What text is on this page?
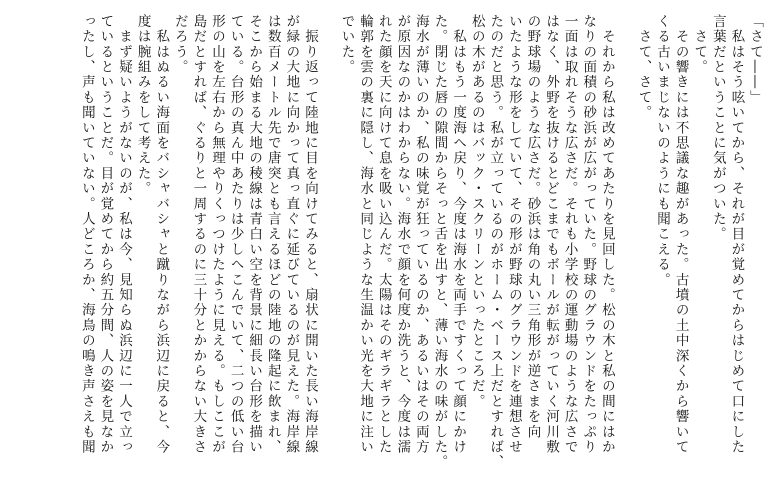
「さて――」
　私はそう呟いてから、それが目が覚めてからはじめて口にした
言葉だということに気がついた。
　さて。
　その響きには不思議な趣があった。古墳の土中深くから響いて
くる古いまじないのようにも聞こえる。
　さて、さて。
　それから私は改めてあたりを見回した。松の木と私の間にはか
なりの面積の砂浜が広がっていた。野球のグラウンドをたっぷり
一面は取れそうな広さだ。それも小学校の運動場のような広さで
はなく、外野を抜けるとどこまでもボールが転がっていく河川敷
の野球場のような広さだ。砂浜は角の丸い三角形が逆さまを向
いたような形をしていて、その形が野球のグラウンドを連想させ
たのだと思う。私が立っているのがホーム・ベース上だとすれば、
松の木があるのはバック・スクリーンといったところだ。
　私はもう一度海へ戻り、今度は海水を両手ですくって顔にかけ
た。閉じた唇の隙間からそっと舌を出すと、薄い海水の味がした。
海水が薄いのか、私の味覚が狂っているのか、あるいはその両方
が原因なのかはわからない。海水で顔を何度か洗うと、今度は濡
れた顔を天に向けて息を吸い込んだ。太陽はそのギラギラとした
輪郭を雲の裏に隠し、海水と同じような生温かい光を大地に注い
でいた。
　振り返って陸地に目を向けてみると、扇状に開いた長い海岸線
が緑の大地に向かって真っ直ぐに延びているのが見えた。海岸線
は数百メートル先で唐突とも言えるほどの陸地の隆起に飲まれ、
そこから始まる大地の稜線は青白い空を背景に細長い台形を描い
ている。台形の真ん中あたりは少しへこんでいて、二つの低い台
形の山を左右から無理やりくっつけたように見える。もしここが
島だとすれば、ぐるりと一周するのに三十分とかからない大きさ
だろう。
　私はぬるい海面をバシャバシャと蹴りながら浜辺に戻ると、今
度は腕組みをして考えた。
　まず疑いようがないのが、私は今、見知らぬ浜辺に一人で立っ
ているということだ。目が覚めてから約五分間、人の姿を見なか
ったし、声も聞いていない。人どころか、海鳥の鳴き声さえも聞
